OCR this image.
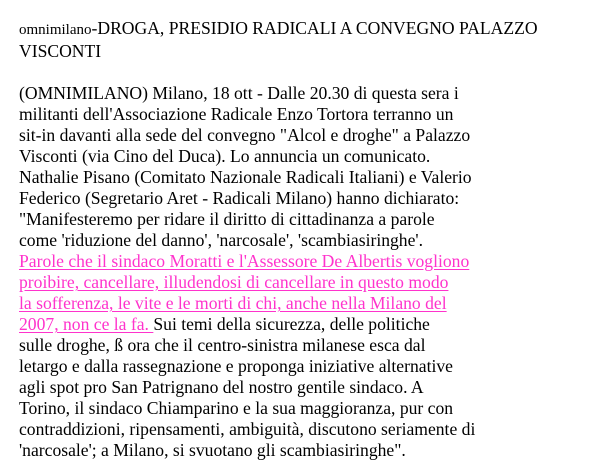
omnimilano-DROGA, PRESIDIO RADICALI A CONVEGNO PALAZZO VISCONTI
(OMNIMILANO) Milano, 18 ott - Dalle 20.30 di questa sera i
militanti dell'Associazione Radicale Enzo Tortora terranno un
sit-in davanti alla sede del convegno "Alcol e droghe" a Palazzo
Visconti (via Cino del Duca). Lo annuncia un comunicato.
Nathalie Pisano (Comitato Nazionale Radicali Italiani) e Valerio
Federico (Segretario Aret - Radicali Milano) hanno dichiarato:
"Manifesteremo per ridare il diritto di cittadinanza a parole
come 'riduzione del danno', 'narcosale', 'scambiasiringhe'.
Parole che il sindaco Moratti e l'Assessore De Albertis vogliono
proibire, cancellare, illudendosi di cancellare in questo modo
la sofferenza, le vite e le morti di chi, anche nella Milano del
2007, non ce la fa. Sui temi della sicurezza, delle politiche
sulle droghe, ß ora che il centro-sinistra milanese esca dal
letargo e dalla rassegnazione e proponga iniziative alternative
agli spot pro San Patrignano del nostro gentile sindaco. A
Torino, il sindaco Chiamparino e la sua maggioranza, pur con
contraddizioni, ripensamenti, ambiguità, discutono seriamente di
'narcosale'; a Milano, si svuotano gli scambiasiringhe".
